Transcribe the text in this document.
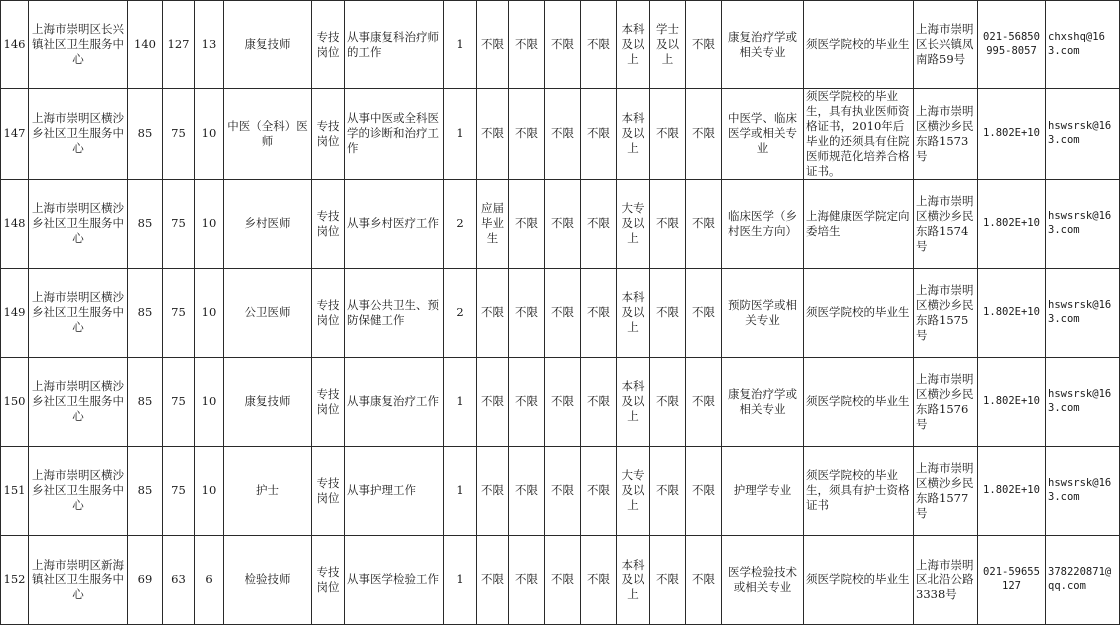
146	上海市崇明区长兴镇社区卫生服务中心	140	127	13	康复技师	专技岗位	从事康复科治疗师的工作	1	不限	不限	不限	不限	本科及以上	学士及以上	不限	康复治疗学或相关专业	须医学院校的毕业生	上海市崇明区长兴镇凤南路59号	021-56850995-8057	chxshq@163.com
147	上海市崇明区横沙乡社区卫生服务中心	85	75	10	中医（全科）医师	专技岗位	从事中医或全科医学的诊断和治疗工作	1	不限	不限	不限	不限	本科及以上	不限	不限	中医学、临床医学或相关专业	须医学院校的毕业生，具有执业医师资格证书，2010年后毕业的还须具有住院医师规范化培养合格证书。	上海市崇明区横沙乡民东路1573号	1.802E+10	hswsrsk@163.com
148	上海市崇明区横沙乡社区卫生服务中心	85	75	10	乡村医师	专技岗位	从事乡村医疗工作	2	应届毕业生	不限	不限	不限	大专及以上	不限	不限	临床医学（乡村医生方向）	上海健康医学院定向委培生	上海市崇明区横沙乡民东路1574号	1.802E+10	hswsrsk@163.com
149	上海市崇明区横沙乡社区卫生服务中心	85	75	10	公卫医师	专技岗位	从事公共卫生、预防保健工作	2	不限	不限	不限	不限	本科及以上	不限	不限	预防医学或相关专业	须医学院校的毕业生	上海市崇明区横沙乡民东路1575号	1.802E+10	hswsrsk@163.com
150	上海市崇明区横沙乡社区卫生服务中心	85	75	10	康复技师	专技岗位	从事康复治疗工作	1	不限	不限	不限	不限	本科及以上	不限	不限	康复治疗学或相关专业	须医学院校的毕业生	上海市崇明区横沙乡民东路1576号	1.802E+10	hswsrsk@163.com
151	上海市崇明区横沙乡社区卫生服务中心	85	75	10	护士	专技岗位	从事护理工作	1	不限	不限	不限	不限	大专及以上	不限	不限	护理学专业	须医学院校的毕业生，须具有护士资格证书	上海市崇明区横沙乡民东路1577号	1.802E+10	hswsrsk@163.com
152	上海市崇明区新海镇社区卫生服务中心	69	63	6	检验技师	专技岗位	从事医学检验工作	1	不限	不限	不限	不限	本科及以上	不限	不限	医学检验技术或相关专业	须医学院校的毕业生	上海市崇明区北沿公路3338号	021-59655127	378220871@qq.com
